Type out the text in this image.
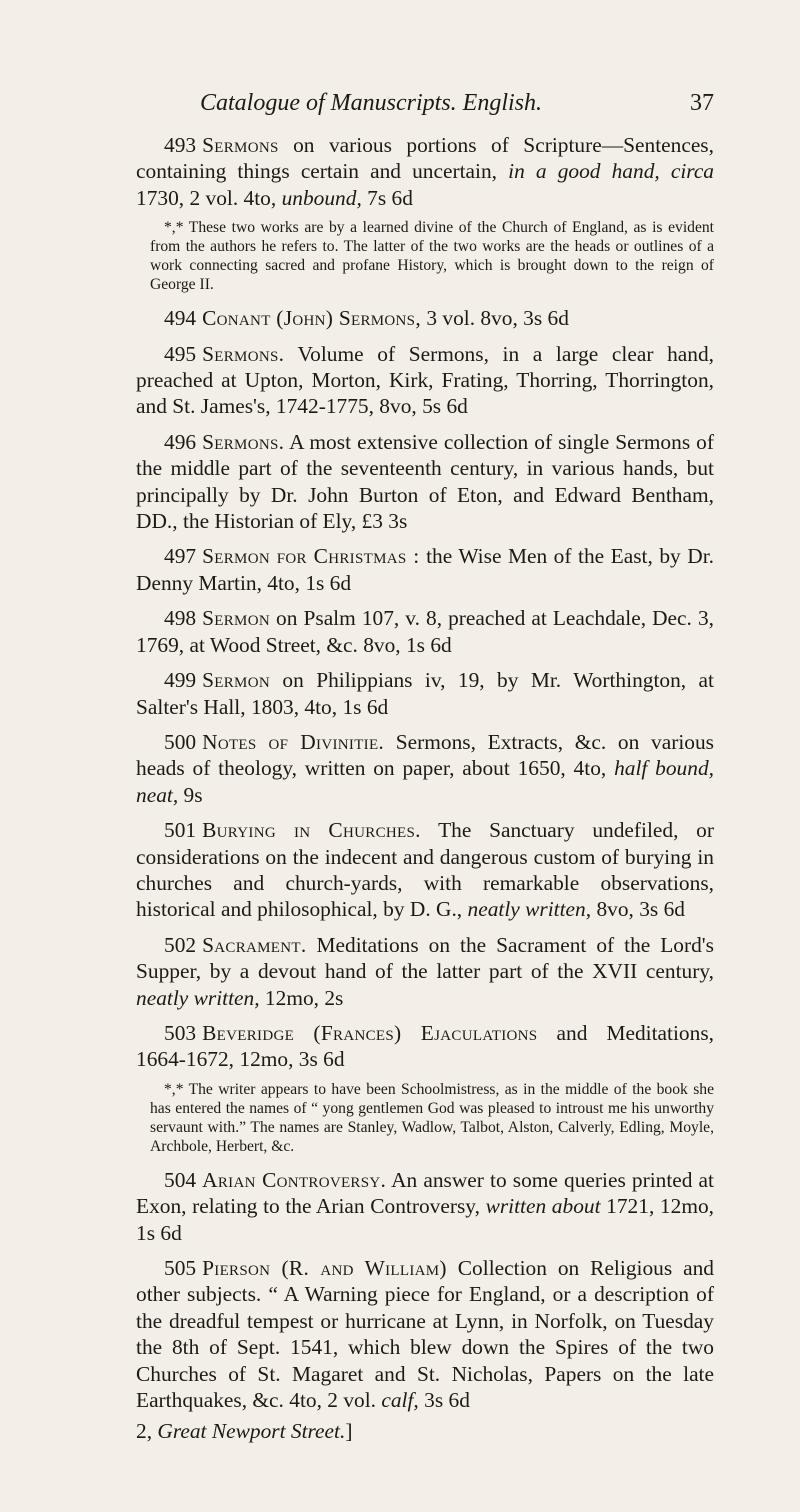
Catalogue of Manuscripts. English.	37

493 Sermons on various portions of Scripture—Sentences, containing things certain and uncertain, in a good hand, circa 1730, 2 vol. 4to, unbound, 7s 6d

*,* These two works are by a learned divine of the Church of England, as is evident from the authors he refers to. The latter of the two works are the heads or outlines of a work connecting sacred and profane History, which is brought down to the reign of George II.

494 Conant (John) Sermons, 3 vol. 8vo, 3s 6d

495 Sermons. Volume of Sermons, in a large clear hand, preached at Upton, Morton, Kirk, Frating, Thorring, Thorrington, and St. James's, 1742-1775, 8vo, 5s 6d

496 Sermons. A most extensive collection of single Sermons of the middle part of the seventeenth century, in various hands, but principally by Dr. John Burton of Eton, and Edward Bentham, DD., the Historian of Ely, £3 3s

497 Sermon for Christmas : the Wise Men of the East, by Dr. Denny Martin, 4to, 1s 6d

498 Sermon on Psalm 107, v. 8, preached at Leachdale, Dec. 3, 1769, at Wood Street, &c. 8vo, 1s 6d

499 Sermon on Philippians iv, 19, by Mr. Worthington, at Salter's Hall, 1803, 4to, 1s 6d

500 Notes of Divinitie. Sermons, Extracts, &c. on various heads of theology, written on paper, about 1650, 4to, half bound, neat, 9s

501 Burying in Churches. The Sanctuary undefiled, or considerations on the indecent and dangerous custom of burying in churches and church-yards, with remarkable observations, historical and philosophical, by D. G., neatly written, 8vo, 3s 6d

502 Sacrament. Meditations on the Sacrament of the Lord's Supper, by a devout hand of the latter part of the XVII century, neatly written, 12mo, 2s

503 Beveridge (Frances) Ejaculations and Meditations, 1664-1672, 12mo, 3s 6d

*,* The writer appears to have been Schoolmistress, as in the middle of the book she has entered the names of “ yong gentlemen God was pleased to introust me his unworthy servaunt with.” The names are Stanley, Wadlow, Talbot, Alston, Calverly, Edling, Moyle, Archbole, Herbert, &c.

504 Arian Controversy. An answer to some queries printed at Exon, relating to the Arian Controversy, written about 1721, 12mo, 1s 6d

505 Pierson (R. and William) Collection on Religious and other subjects. “ A Warning piece for England, or a description of the dreadful tempest or hurricane at Lynn, in Norfolk, on Tuesday the 8th of Sept. 1541, which blew down the Spires of the two Churches of St. Magaret and St. Nicholas, Papers on the late Earthquakes, &c. 4to, 2 vol. calf, 3s 6d

2, Great Newport Street.]
